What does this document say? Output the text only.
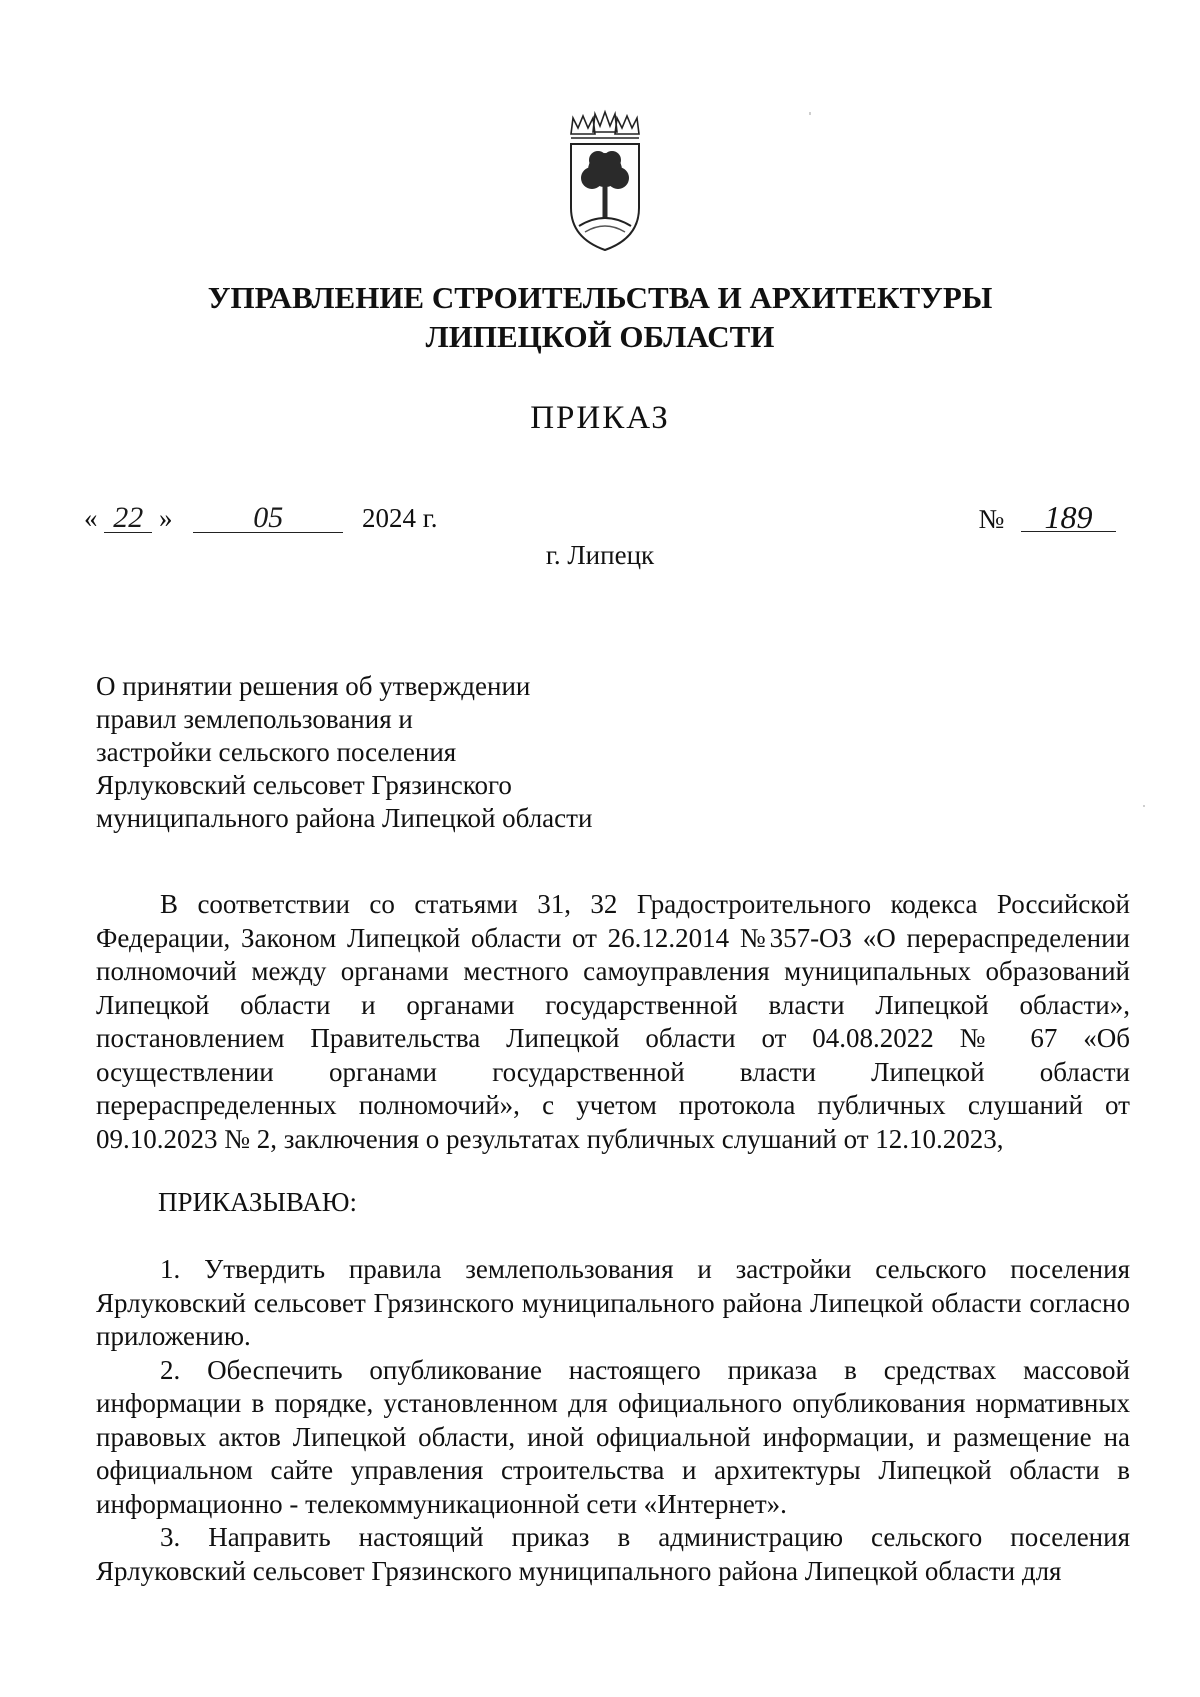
УПРАВЛЕНИЕ СТРОИТЕЛЬСТВА И АРХИТЕКТУРЫ
ЛИПЕЦКОЙ ОБЛАСТИ
ПРИКАЗ
« 22 »	05	2024 г.	№ 189
г. Липецк
О принятии решения об утверждении
правил землепользования и
застройки сельского поселения
Ярлуковский сельсовет Грязинского
муниципального района Липецкой области

В соответствии со статьями 31, 32 Градостроительного кодекса Российской Федерации, Законом Липецкой области от 26.12.2014 №357-ОЗ «О перераспределении полномочий между органами местного самоуправления муниципальных образований Липецкой области и органами государственной власти Липецкой области», постановлением Правительства Липецкой области от 04.08.2022 № 67 «Об осуществлении органами государственной власти Липецкой области перераспределенных полномочий», с учетом протокола публичных слушаний от 09.10.2023 № 2, заключения о результатах публичных слушаний от 12.10.2023,

ПРИКАЗЫВАЮ:

1. Утвердить правила землепользования и застройки сельского поселения Ярлуковский сельсовет Грязинского муниципального района Липецкой области согласно приложению.

2. Обеспечить опубликование настоящего приказа в средствах массовой информации в порядке, установленном для официального опубликования нормативных правовых актов Липецкой области, иной официальной информации, и размещение на официальном сайте управления строительства и архитектуры Липецкой области в информационно - телекоммуникационной сети «Интернет».

3. Направить настоящий приказ в администрацию сельского поселения Ярлуковский сельсовет Грязинского муниципального района Липецкой области для
